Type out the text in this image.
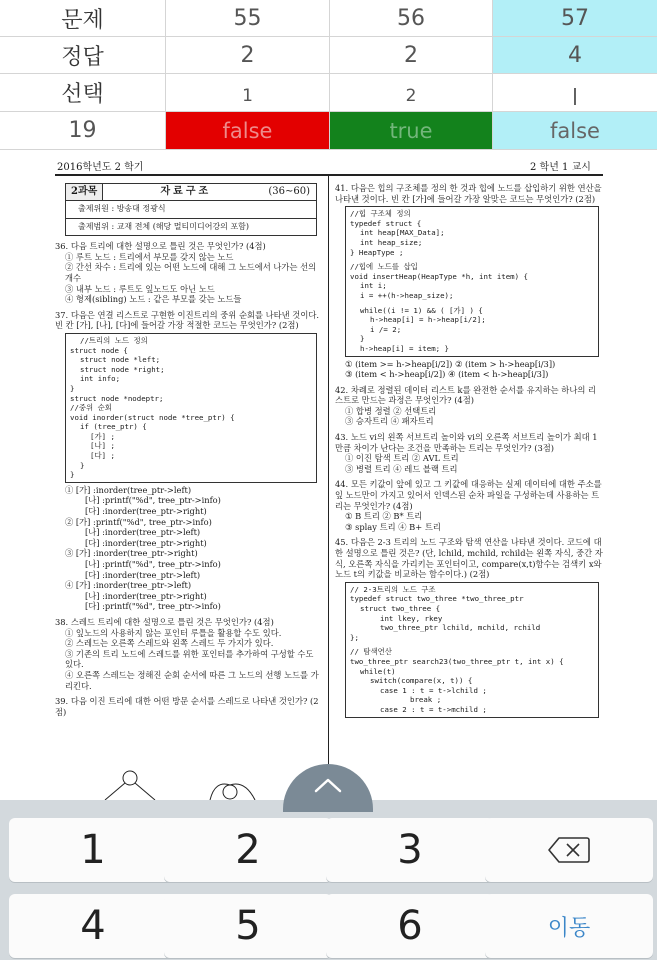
문제	55	56	57
정답	2	2	4
선택	1	2	|
19	false	true	false
2016학년도 2 학기	2 학년 1 교시
2과목	자료구조	(36∼60)
출제위원 : 방송대 정광식
출제범위 : 교재 전체 (해당 멀티미디어강의 포함)

36. 다음 트리에 대한 설명으로 틀린 것은 무엇인가? (4점)

① 루트 노드 : 트리에서 부모를 갖지 않는 노드

② 간선 차수 : 트리에 있는 어떤 노드에 대해 그 노드에서 나가는 선의 개수

③ 내부 노드 : 루트도 잎노드도 아닌 노드

④ 형제(sibling) 노드 : 같은 부모를 갖는 노드들

37. 다음은 연결 리스트로 구현한 이진트리의 중위 순회를 나타낸 것이다. 빈 칸 [가], [나], [다]에 들어갈 가장 적절한 코드는 무엇인가? (2점)

//트리의 노드 정의
struct node {
struct node *left;
struct node *right;
int info;
}
struct node *nodeptr;
//중위 순회
void inorder(struct node *tree_ptr) {
if (tree_ptr) {
[가] ;
[나] ;
[다] ;
}
}

① [가] :inorder(tree_ptr->left)

[나] :printf("%d", tree_ptr->info)

[다] :inorder(tree_ptr->right)

② [가] :printf("%d", tree_ptr->info)

[나] :inorder(tree_ptr->left)

[다] :inorder(tree_ptr->right)

③ [가] :inorder(tree_ptr->right)

[나] :printf("%d", tree_ptr->info)

[다] :inorder(tree_ptr->left)

④ [가] :inorder(tree_ptr->left)

[나] :inorder(tree_ptr->right)

[다] :printf("%d", tree_ptr->info)

38. 스레드 트리에 대한 설명으로 틀린 것은 무엇인가? (4점)

① 잎노드의 사용하지 않는 포인터 루틀을 활용할 수도 있다.

② 스레드는 오른쪽 스레드와 왼쪽 스레드 두 가지가 있다.

③ 기존의 트리 노드에 스레드를 위한 포인터를 추가하여 구성할 수도 있다.

④ 오른쪽 스레드는 정해진 순회 순서에 따른 그 노드의 선행 노드를 가리킨다.

39. 다음 이진 트리에 대한 어떤 방문 순서를 스레드로 나타낸 것인가? (2점)

41. 다음은 힙의 구조체를 정의 한 것과 힙에 노드를 삽입하기 위한 연산을 나타낸 것이다. 빈 칸 [가]에 들어갈 가장 알맞은 코드는 무엇인가? (2점)

//힙 구조체 정의
typedef struct {
int heap[MAX_Data];
int heap_size;
} HeapType ;
//힙에 노드를 삽입
void insertHeap(HeapType *h, int item) {
int i;
i = ++(h->heap_size);
while((i != 1) && ( [가] ) {
h->heap[i] = h->heap[i/2];
i /= 2;
}
h->heap[i] = item; }

① (item >= h->heap[i/2]) ② (item > h->heap[i/3])

③ (item < h->heap[i/2]) ④ (item < h->heap[i/3])

42. 차례로 정렬된 데이터 리스트 k를 완전한 순서를 유지하는 하나의 리스트로 만드는 과정은 무엇인가? (4점)

① 합병 정렬 ② 선택트리

③ 승자트리 ④ 패자트리

43. 노드 vi의 왼쪽 서브트리 높이와 vi의 오른쪽 서브트리 높이가 최대 1만큼 차이가 난다는 조건을 만족하는 트리는 무엇인가? (3점)

① 이진 탐색 트리 ② AVL 트리

③ 병렬 트리 ④ 레드 블랙 트리

44. 모든 키값이 앞에 있고 그 키값에 대응하는 실제 데이터에 대한 주소를 잎 노드만이 가지고 있어서 인덱스된 순차 파일을 구성하는데 사용하는 트리는 무엇인가? (4점)

① B 트리 ② B* 트리

③ splay 트리 ④ B+ 트리

45. 다음은 2-3 트리의 노드 구조와 탐색 연산을 나타낸 것이다. 코드에 대한 설명으로 틀린 것은? (단, lchild, mchild, rchild는 왼쪽 자식, 중간 자식, 오른쪽 자식을 가리키는 포인터이고, compare(x,t)함수는 검색키 x와 노드 t의 키값을 비교하는 함수이다.) (2점)

// 2-3트리의 노드 구조
typedef struct two_three *two_three_ptr
struct two_three {
int lkey, rkey
two_three_ptr lchild, mchild, rchild
};
// 탐색연산
two_three_ptr search23(two_three_ptr t, int x) {
while(t)
switch(compare(x, t)) {
case 1 : t = t->lchild ;
break ;
case 2 : t = t->mchild ;
1	2	3
4	5	6	이동
